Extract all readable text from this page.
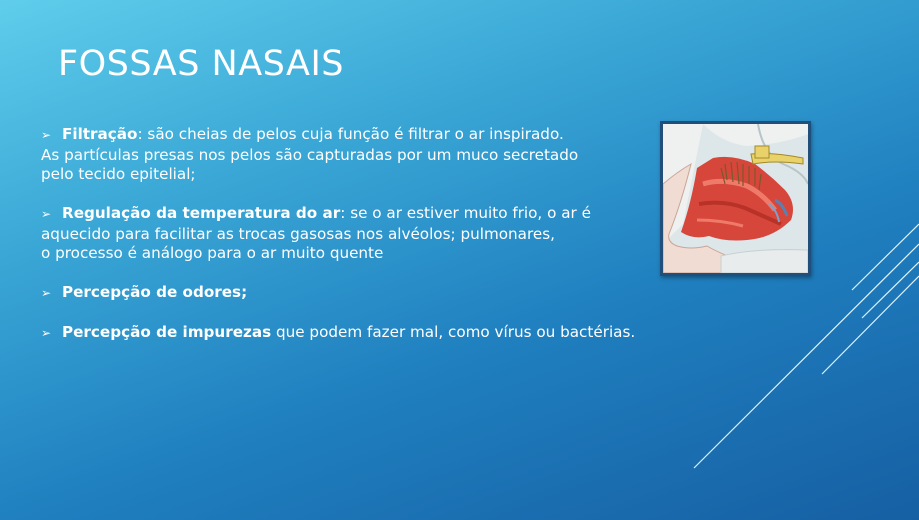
FOSSAS NASAIS

➢ Filtração: são cheias de pelos cuja função é filtrar o ar inspirado.
As partículas presas nos pelos são capturadas por um muco secretado
pelo tecido epitelial;

➢ Regulação da temperatura do ar: se o ar estiver muito frio, o ar é
aquecido para facilitar as trocas gasosas nos alvéolos; pulmonares,
o processo é análogo para o ar muito quente

➢ Percepção de odores;

➢ Percepção de impurezas que podem fazer mal, como vírus ou bactérias.
